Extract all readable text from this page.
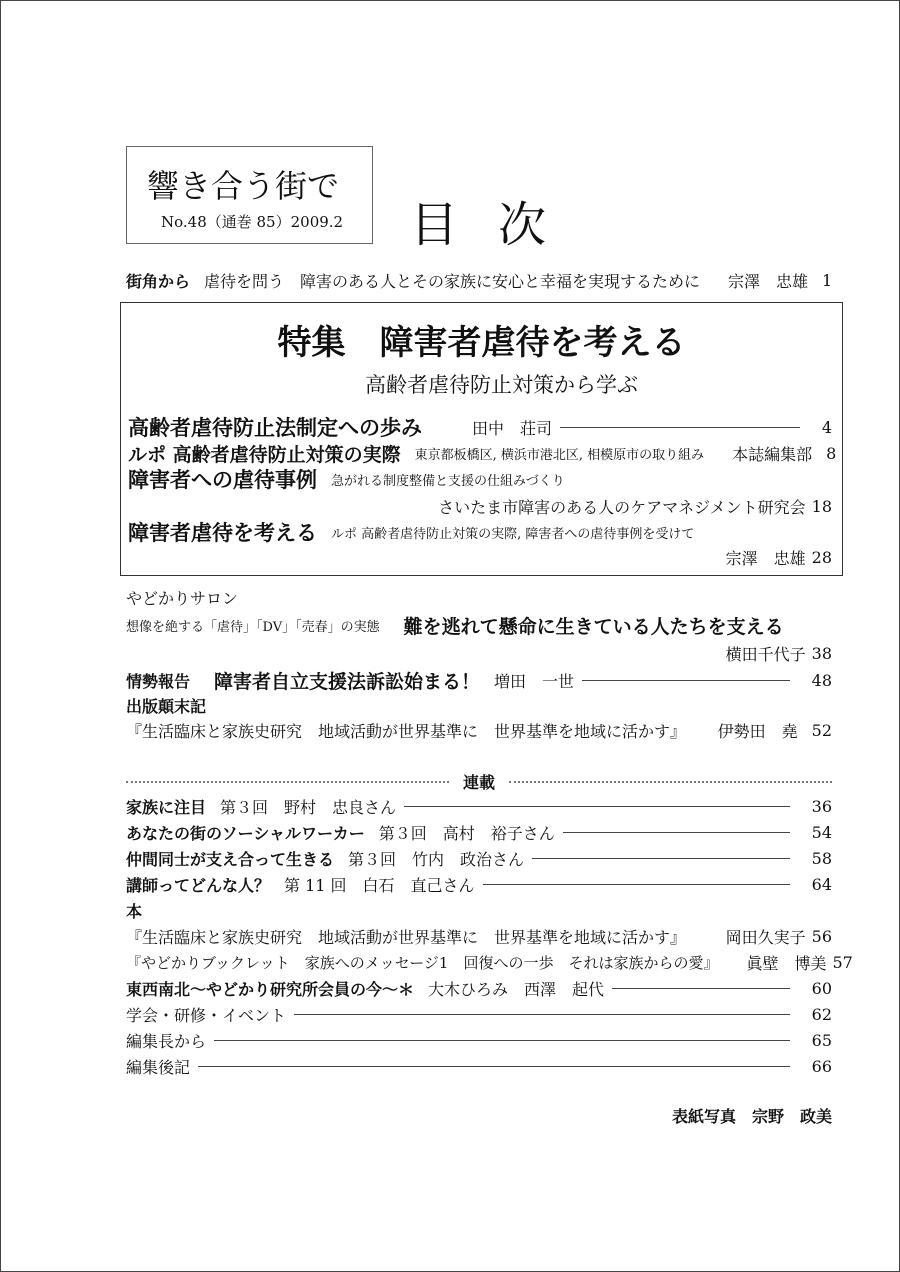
響き合う街で
No.48（通巻 85）2009.2 目次
街角から 虐待を問う　障害のある人とその家族に安心と幸福を実現するために 宗澤　忠雄 1
特集　障害者虐待を考える
高齢者虐待防止対策から学ぶ
高齢者虐待防止法制定への歩み	田中　荘司	4
ルポ 高齢者虐待防止対策の実際 東京都板橋区, 横浜市港北区, 相模原市の取り組み 本誌編集部 8
障害者への虐待事例 急がれる制度整備と支援の仕組みづくり
さいたま市障害のある人のケアマネジメント研究会 18
障害者虐待を考える ルポ 高齢者虐待防止対策の実際, 障害者への虐待事例を受けて
宗澤　忠雄 28
やどかりサロン
想像を絶する「虐待」「DV」「売春」の実態 難を逃れて懸命に生きている人たちを支える
横田千代子 38
情勢報告 障害者自立支援法訴訟始まる！ 増田　一世	48
出版顛末記
『生活臨床と家族史研究　地域活動が世界基準に　世界基準を地域に活かす』 伊勢田　堯 52
連載
家族に注目 第３回　野村　忠良さん	36
あなたの街のソーシャルワーカー 第３回　高村　裕子さん	54
仲間同士が支え合って生きる 第３回　竹内　政治さん	58
講師ってどんな人？ 第 11 回　白石　直己さん	64
本
『生活臨床と家族史研究　地域活動が世界基準に　世界基準を地域に活かす』 岡田久実子 56
『やどかりブックレット　家族へのメッセージ1　回復への一歩　それは家族からの愛』 眞壁　博美 57
東西南北～やどかり研究所会員の今～＊ 大木ひろみ　西澤　起代	60
学会・研修・イベント	62
編集長から	65
編集後記	66
表紙写真　宗野　政美
